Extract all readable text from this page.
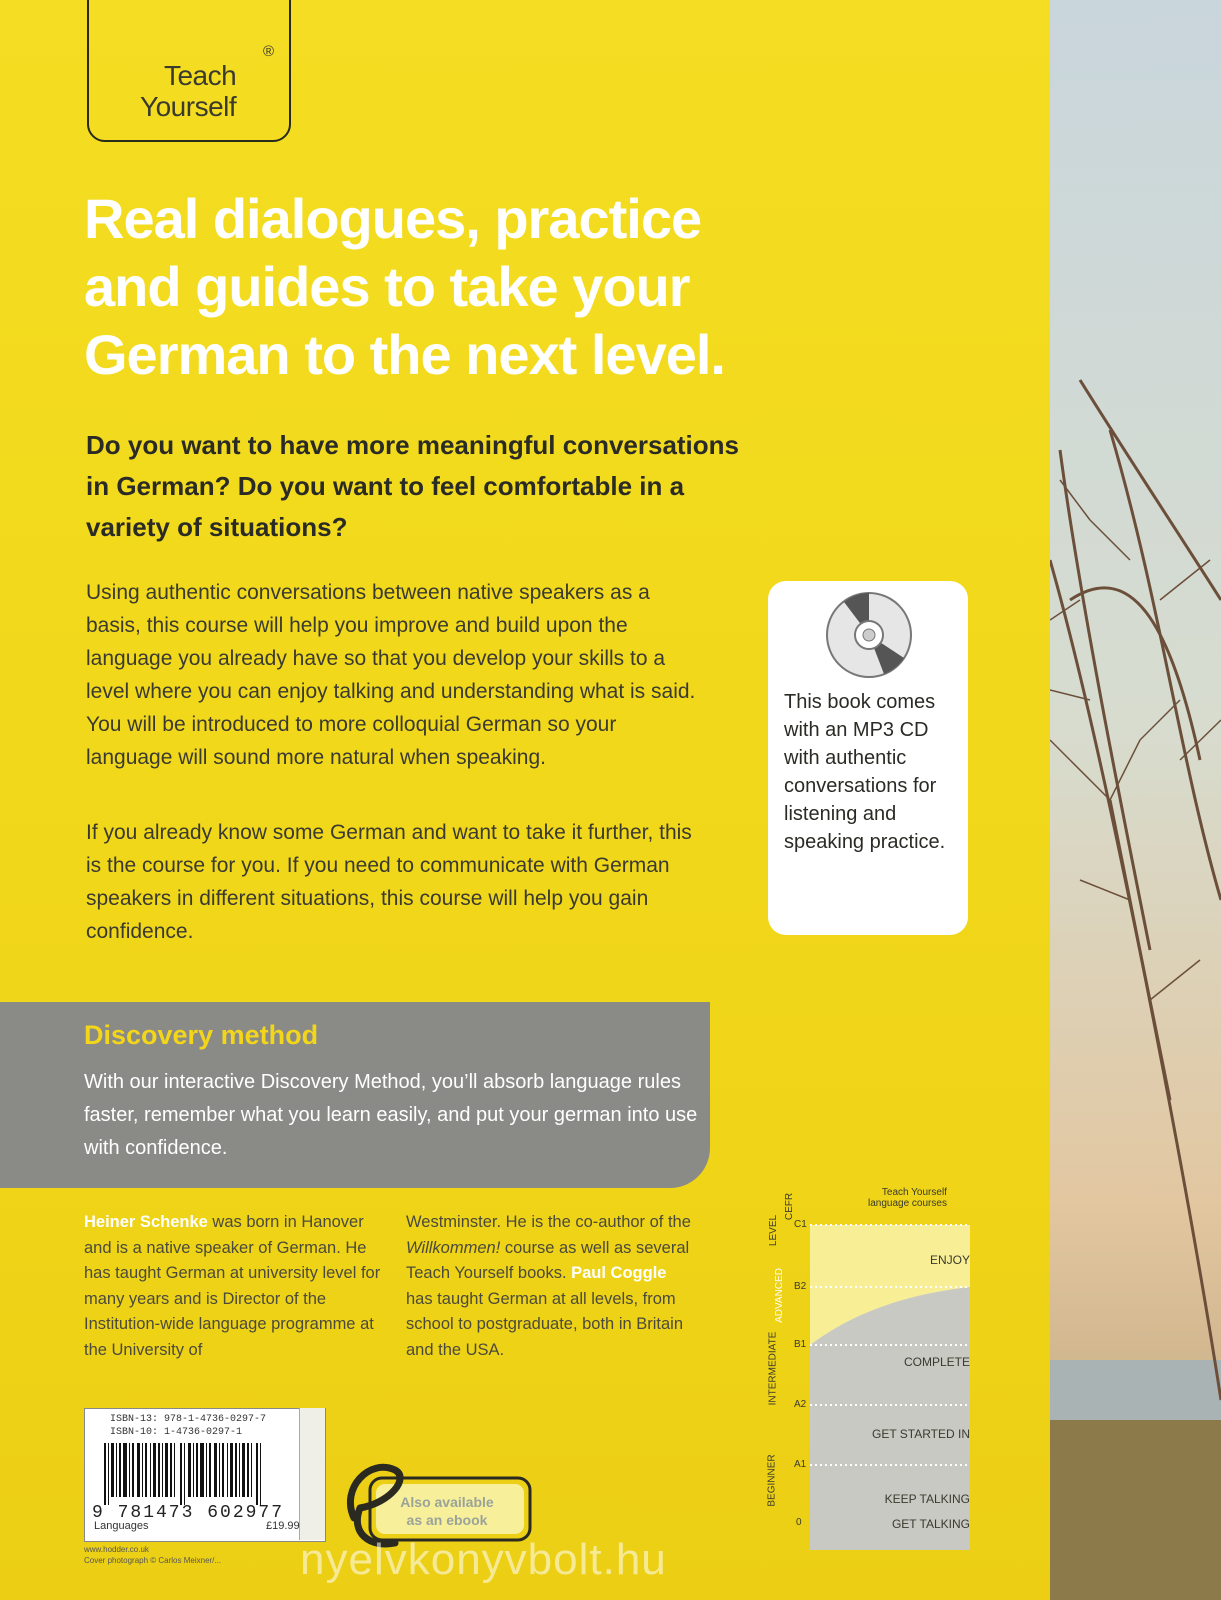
Teach
Yourself
®
Real dialogues, practice and guides to take your German to the next level.
Do you want to have more meaningful conversations in German? Do you want to feel comfortable in a variety of situations?
Using authentic conversations between native speakers as a basis, this course will help you improve and build upon the language you already have so that you develop your skills to a level where you can enjoy talking and understanding what is said. You will be introduced to more colloquial German so your language will sound more natural when speaking.
If you already know some German and want to take it further, this is the course for you. If you need to communicate with German speakers in different situations, this course will help you gain confidence.
This book comes with an MP3 CD with authentic conversations for listening and speaking practice.
Discovery method
With our interactive Discovery Method, you’ll absorb language rules faster, remember what you learn easily, and put your german into use with confidence.
Heiner Schenke was born in Hanover and is a native speaker of German. He has taught German at university level for many years and is Director of the Institution-wide language programme at the University of
Westminster. He is the co-author of the Willkommen! course as well as several Teach Yourself books. Paul Coggle has taught German at all levels, from school to postgraduate, both in Britain and the USA.
ISBN-13: 978-1-4736-0297-7
ISBN-10: 1-4736-0297-1
9 781473 602977
Languages	£19.99
Also available
as an ebook
www.hodder.co.uk
Cover photograph © Carlos Meixner/...
LEVEL
CEFR
Teach Yourself
language courses
ADVANCED
INTERMEDIATE
BEGINNER
C1
B2
B1
A2
A1
0
ENJOY
COMPLETE
GET STARTED IN
KEEP TALKING
GET TALKING
nyelvkonyvbolt.hu
